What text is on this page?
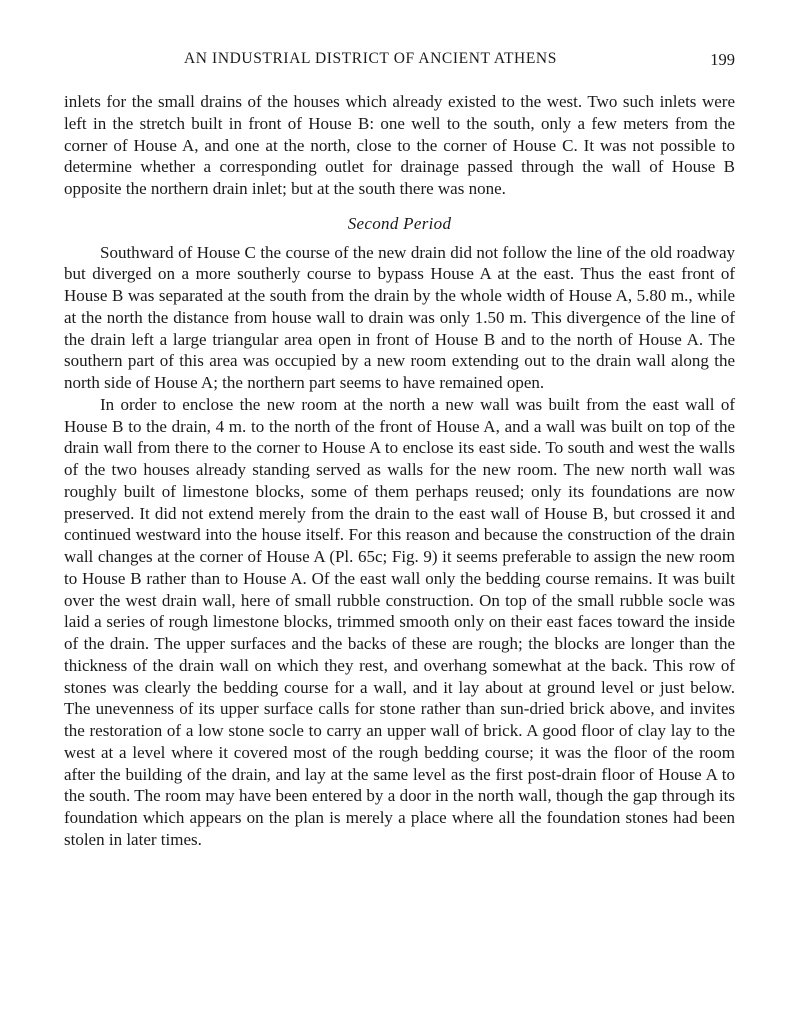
AN INDUSTRIAL DISTRICT OF ANCIENT ATHENS	199

inlets for the small drains of the houses which already existed to the west. Two such inlets were left in the stretch built in front of House B: one well to the south, only a few meters from the corner of House A, and one at the north, close to the corner of House C. It was not possible to determine whether a corresponding outlet for drainage passed through the wall of House B opposite the northern drain inlet; but at the south there was none.

Second Period

Southward of House C the course of the new drain did not follow the line of the old roadway but diverged on a more southerly course to bypass House A at the east. Thus the east front of House B was separated at the south from the drain by the whole width of House A, 5.80 m., while at the north the distance from house wall to drain was only 1.50 m. This divergence of the line of the drain left a large triangular area open in front of House B and to the north of House A. The southern part of this area was occupied by a new room extending out to the drain wall along the north side of House A; the northern part seems to have remained open.

In order to enclose the new room at the north a new wall was built from the east wall of House B to the drain, 4 m. to the north of the front of House A, and a wall was built on top of the drain wall from there to the corner to House A to enclose its east side. To south and west the walls of the two houses already standing served as walls for the new room. The new north wall was roughly built of limestone blocks, some of them perhaps reused; only its foundations are now preserved. It did not extend merely from the drain to the east wall of House B, but crossed it and continued westward into the house itself. For this reason and because the construction of the drain wall changes at the corner of House A (Pl. 65c; Fig. 9) it seems preferable to assign the new room to House B rather than to House A. Of the east wall only the bedding course remains. It was built over the west drain wall, here of small rubble construction. On top of the small rubble socle was laid a series of rough limestone blocks, trimmed smooth only on their east faces toward the inside of the drain. The upper surfaces and the backs of these are rough; the blocks are longer than the thickness of the drain wall on which they rest, and overhang somewhat at the back. This row of stones was clearly the bedding course for a wall, and it lay about at ground level or just below. The unevenness of its upper surface calls for stone rather than sun-dried brick above, and invites the restoration of a low stone socle to carry an upper wall of brick. A good floor of clay lay to the west at a level where it covered most of the rough bedding course; it was the floor of the room after the building of the drain, and lay at the same level as the first post-drain floor of House A to the south. The room may have been entered by a door in the north wall, though the gap through its foundation which appears on the plan is merely a place where all the foundation stones had been stolen in later times.
